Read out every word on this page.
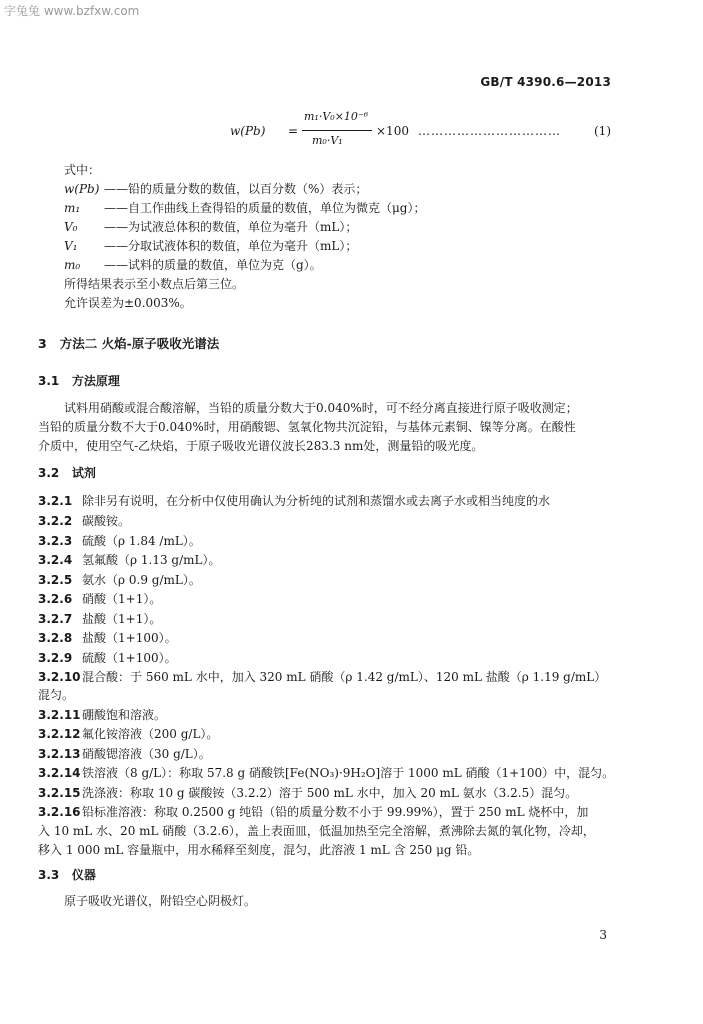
字兔兔 www.bzfxw.com
GB/T 4390.6—2013
w(Pb) =
m₁·V₀×10⁻⁶
m₀·V₁
×100 ……………………………	(1)
式中：
w(Pb) ——铅的质量分数的数值，以百分数（%）表示；
m₁ ——自工作曲线上查得铅的质量的数值，单位为微克（μg）；
V₀ ——为试液总体积的数值，单位为毫升（mL）；
V₁ ——分取试液体积的数值，单位为毫升（mL）；
m₀ ——试料的质量的数值，单位为克（g）。
所得结果表示至小数点后第三位。
允许误差为±0.003%。
3 方法二 火焰-原子吸收光谱法
3.1 方法原理
试料用硝酸或混合酸溶解，当铅的质量分数大于0.040%时，可不经分离直接进行原子吸收测定；
当铅的质量分数不大于0.040%时，用硝酸锶、氢氧化物共沉淀铅，与基体元素铜、镍等分离。在酸性
介质中，使用空气-乙炔焰，于原子吸收光谱仪波长283.3 nm处，测量铅的吸光度。
3.2 试剂
3.2.1 除非另有说明，在分析中仅使用确认为分析纯的试剂和蒸馏水或去离子水或相当纯度的水
3.2.2 碳酸铵。
3.2.3 硫酸（ρ 1.84 /mL）。
3.2.4 氢氟酸（ρ 1.13 g/mL）。
3.2.5 氨水（ρ 0.9 g/mL）。
3.2.6 硝酸（1+1）。
3.2.7 盐酸（1+1）。
3.2.8 盐酸（1+100）。
3.2.9 硫酸（1+100）。
3.2.10混合酸：于 560 mL 水中，加入 320 mL 硝酸（ρ 1.42 g/mL）、120 mL 盐酸（ρ 1.19 g/mL）
混匀。
3.2.11硼酸饱和溶液。
3.2.12氟化铵溶液（200 g/L）。
3.2.13硝酸锶溶液（30 g/L）。
3.2.14铁溶液（8 g/L）：称取 57.8 g 硝酸铁[Fe(NO₃)·9H₂O]溶于 1000 mL 硝酸（1+100）中，混匀。
3.2.15洗涤液：称取 10 g 碳酸铵（3.2.2）溶于 500 mL 水中，加入 20 mL 氨水（3.2.5）混匀。
3.2.16铅标准溶液：称取 0.2500 g 纯铅（铅的质量分数不小于 99.99%），置于 250 mL 烧杯中，加
入 10 mL 水、20 mL 硝酸（3.2.6），盖上表面皿，低温加热至完全溶解，煮沸除去氮的氧化物，冷却，
移入 1 000 mL 容量瓶中，用水稀释至刻度，混匀，此溶液 1 mL 含 250 μg 铅。
3.3 仪器
原子吸收光谱仪，附铅空心阴极灯。
3
